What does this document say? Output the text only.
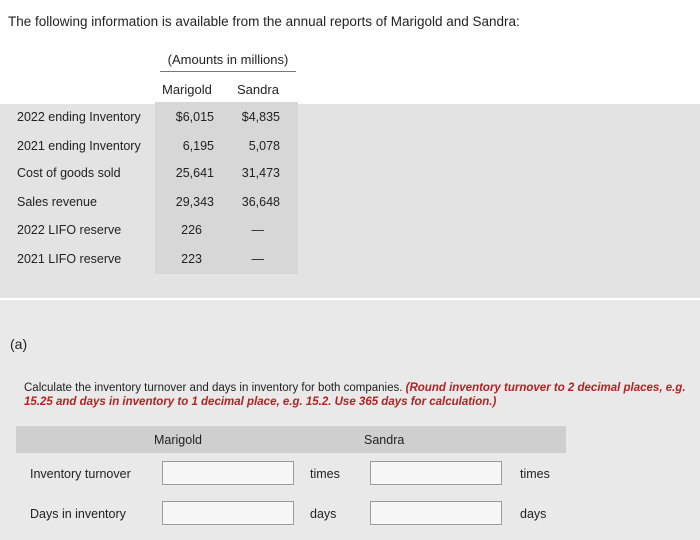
The following information is available from the annual reports of Marigold and Sandra:
(Amounts in millions)
Marigold Sandra
2022 ending Inventory	$6,015	$4,835
2021 ending Inventory	6,195	5,078
Cost of goods sold	25,641	31,473
Sales revenue	29,343	36,648
2022 LIFO reserve	226	—
2021 LIFO reserve	223	—
(a)
Calculate the inventory turnover and days in inventory for both companies. (Round inventory turnover to 2 decimal places, e.g. 15.25 and days in inventory to 1 decimal place, e.g. 15.2. Use 365 days for calculation.)
Marigold	Sandra
Inventory turnover	times	times
Days in inventory	days	days
